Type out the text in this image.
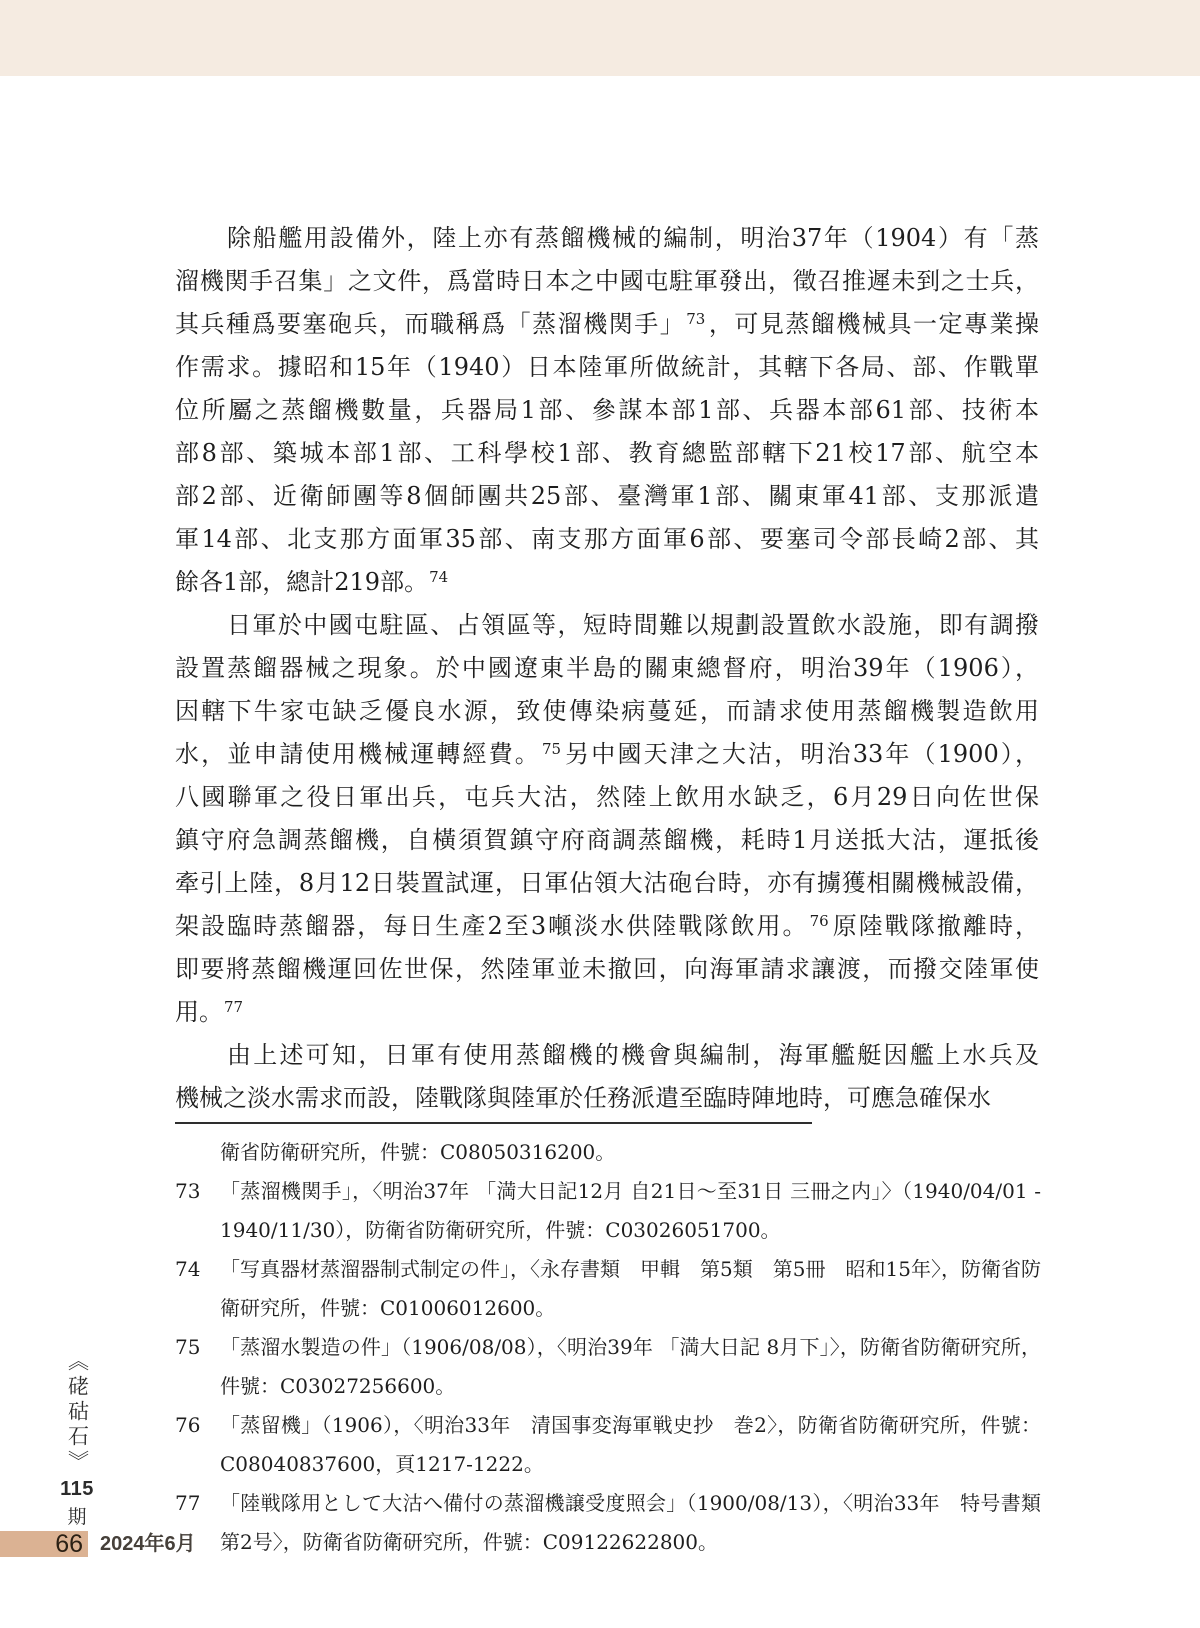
除船艦用設備外，陸上亦有蒸餾機械的編制，明治37年（1904）有「蒸
溜機関手召集」之文件，爲當時日本之中國屯駐軍發出，徵召推遲未到之士兵，
其兵種爲要塞砲兵，而職稱爲「蒸溜機関手」$^{73}$，可見蒸餾機械具一定專業操
作需求。據昭和15年（1940）日本陸軍所做統計，其轄下各局、部、作戰單
位所屬之蒸餾機數量，兵器局1部、參謀本部1部、兵器本部61部、技術本
部8部、築城本部1部、工科學校1部、教育總監部轄下21校17部、航空本
部2部、近衛師團等8個師團共25部、臺灣軍1部、關東軍41部、支那派遣
軍14部、北支那方面軍35部、南支那方面軍6部、要塞司令部長崎2部、其
餘各1部，總計219部。$^{74}$
日軍於中國屯駐區、占領區等，短時間難以規劃設置飲水設施，即有調撥
設置蒸餾器械之現象。於中國遼東半島的關東總督府，明治39年（1906），
因轄下牛家屯缺乏優良水源，致使傳染病蔓延，而請求使用蒸餾機製造飲用
水，並申請使用機械運轉經費。$^{75}$另中國天津之大沽，明治33年（1900），
八國聯軍之役日軍出兵，屯兵大沽，然陸上飲用水缺乏，6月29日向佐世保
鎮守府急調蒸餾機，自橫須賀鎮守府商調蒸餾機，耗時1月送抵大沽，運抵後
牽引上陸，8月12日裝置試運，日軍佔領大沽砲台時，亦有擄獲相關機械設備，
架設臨時蒸餾器，每日生產2至3噸淡水供陸戰隊飲用。$^{76}$原陸戰隊撤離時，
即要將蒸餾機運回佐世保，然陸軍並未撤回，向海軍請求讓渡，而撥交陸軍使
用。$^{77}$
由上述可知，日軍有使用蒸餾機的機會與編制，海軍艦艇因艦上水兵及
機械之淡水需求而設，陸戰隊與陸軍於任務派遣至臨時陣地時，可應急確保水
衛省防衛研究所，件號：C08050316200。
73 「蒸溜機関手」，〈明治37年 「満大日記12月 自21日～至31日 三冊之内」〉（1940/04/01 - 1940/11/30），防衛省防衛研究所，件號：C03026051700。
74 「写真器材蒸溜器制式制定の件」，〈永存書類　甲輯　第5類　第5冊　昭和15年〉，防衛省防衛研究所，件號：C01006012600。
75 「蒸溜水製造の件」（1906/08/08），〈明治39年 「満大日記 8月下」〉，防衛省防衛研究所，件號：C03027256600。
76 「蒸留機」（1906），〈明治33年　清国事変海軍戦史抄　巻2〉，防衛省防衛研究所，件號：C08040837600，頁1217-1222。
77 「陸戦隊用として大沽へ備付の蒸溜機譲受度照会」（1900/08/13），〈明治33年　特号書類第2号〉，防衛省防衛研究所，件號：C09122622800。
《硓𥑮石》
115
期
66 2024年6月
